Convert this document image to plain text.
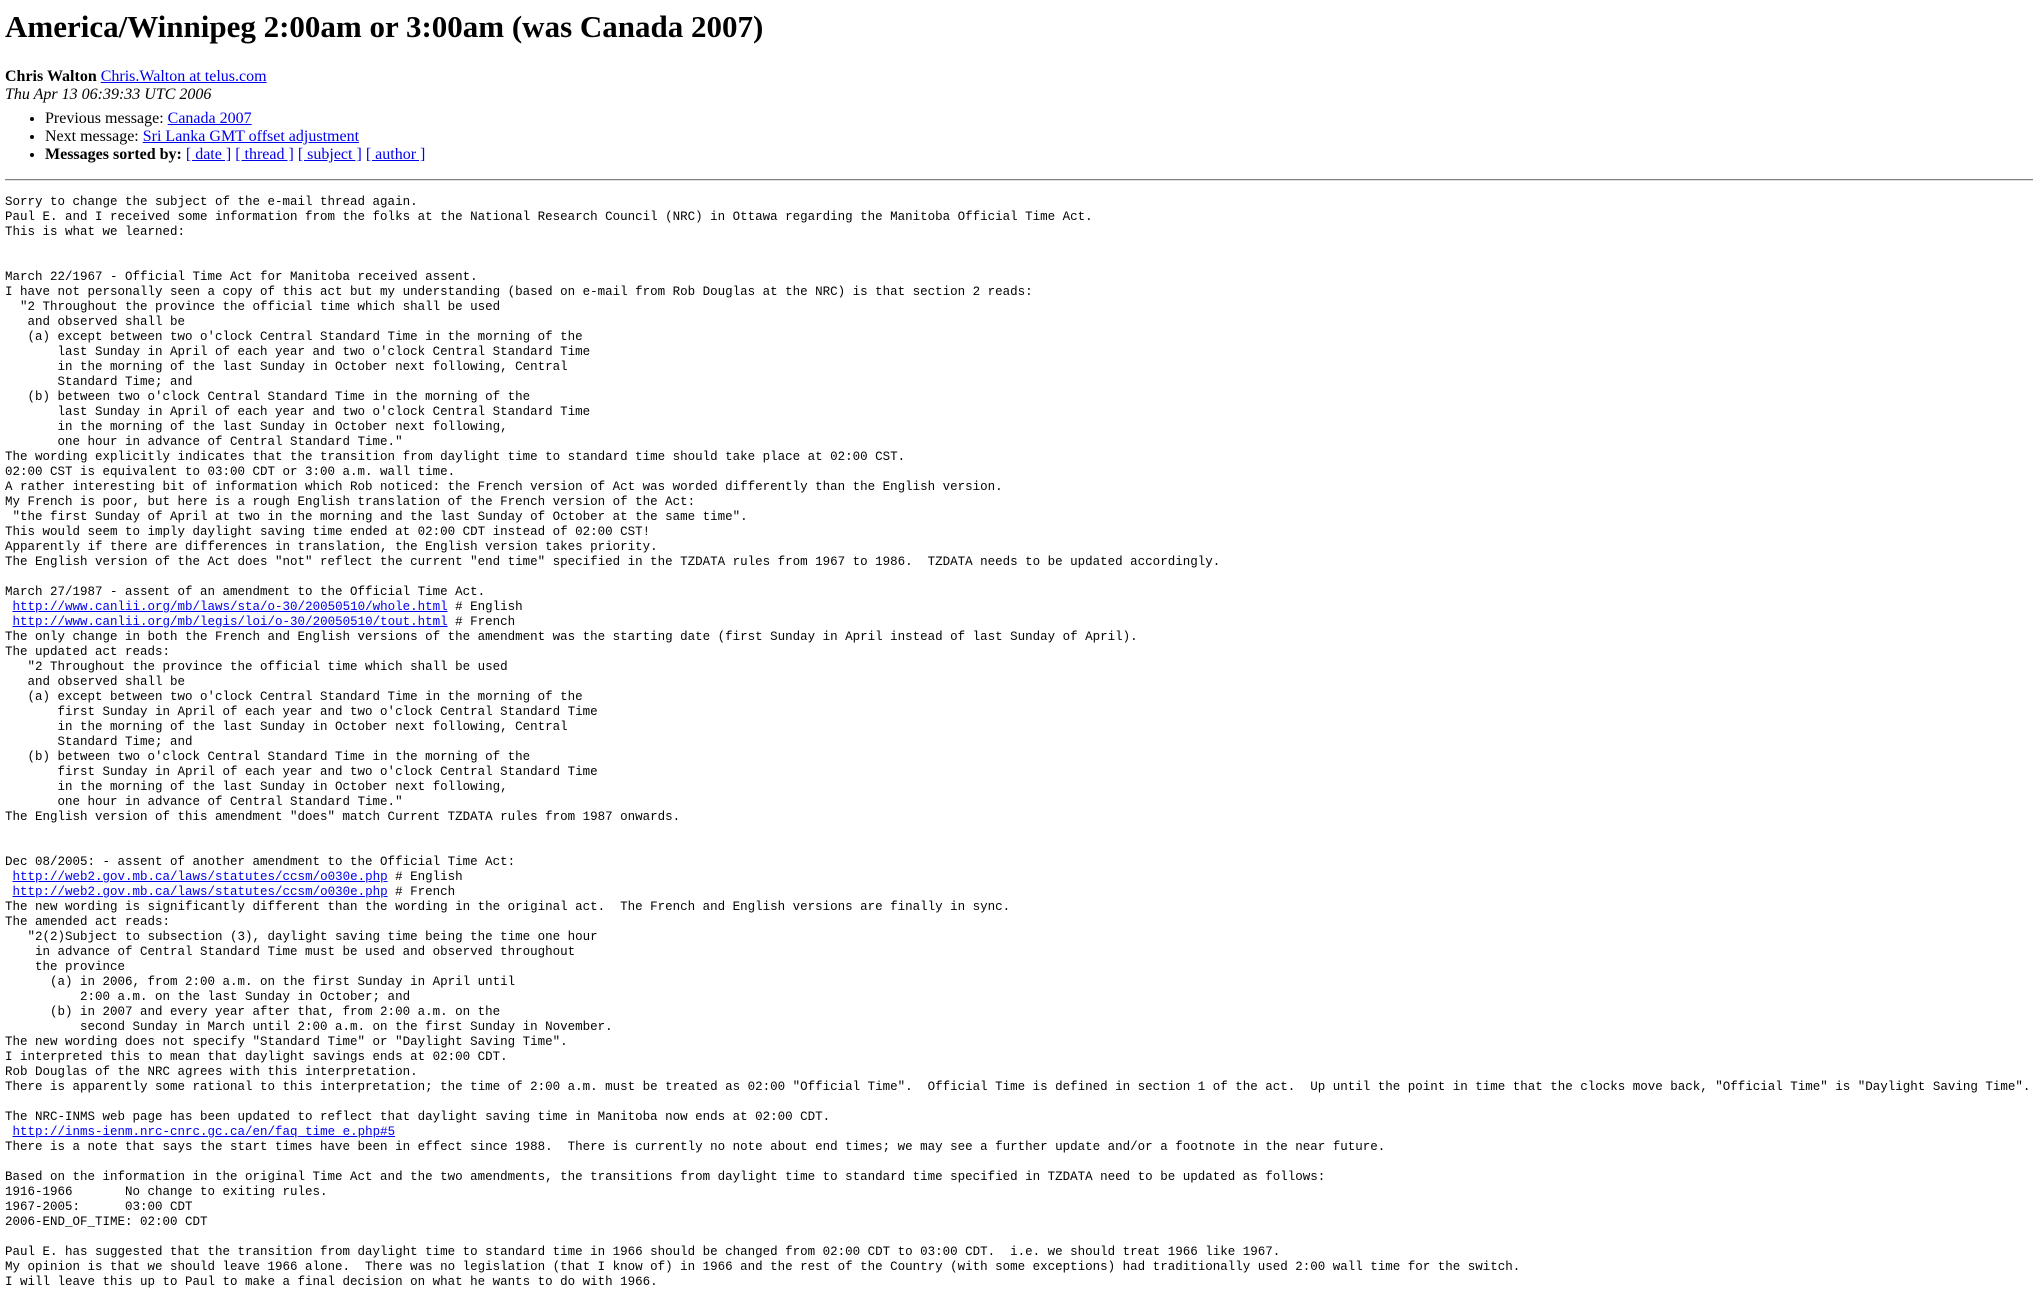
America/Winnipeg 2:00am or 3:00am (was Canada 2007)
Chris Walton Chris.Walton at telus.com
Thu Apr 13 06:39:33 UTC 2006
• Previous message: Canada 2007
• Next message: Sri Lanka GMT offset adjustment
• Messages sorted by: [ date ] [ thread ] [ subject ] [ author ]
Sorry to change the subject of the e-mail thread again.
Paul E. and I received some information from the folks at the National Research Council (NRC) in Ottawa regarding the Manitoba Official Time Act.
This is what we learned:

March 22/1967 - Official Time Act for Manitoba received assent.
I have not personally seen a copy of this act but my understanding (based on e-mail from Rob Douglas at the NRC) is that section 2 reads:
"2 Throughout the province the official time which shall be used
and observed shall be
(a) except between two o'clock Central Standard Time in the morning of the
last Sunday in April of each year and two o'clock Central Standard Time
in the morning of the last Sunday in October next following, Central
Standard Time; and
(b) between two o'clock Central Standard Time in the morning of the
last Sunday in April of each year and two o'clock Central Standard Time
in the morning of the last Sunday in October next following,
one hour in advance of Central Standard Time."
The wording explicitly indicates that the transition from daylight time to standard time should take place at 02:00 CST.
02:00 CST is equivalent to 03:00 CDT or 3:00 a.m. wall time.
A rather interesting bit of information which Rob noticed: the French version of Act was worded differently than the English version.
My French is poor, but here is a rough English translation of the French version of the Act:
"the first Sunday of April at two in the morning and the last Sunday of October at the same time".
This would seem to imply daylight saving time ended at 02:00 CDT instead of 02:00 CST!
Apparently if there are differences in translation, the English version takes priority.
The English version of the Act does "not" reflect the current "end time" specified in the TZDATA rules from 1967 to 1986.  TZDATA needs to be updated accordingly.

March 27/1987 - assent of an amendment to the Official Time Act.
http://www.canlii.org/mb/laws/sta/o-30/20050510/whole.html # English
http://www.canlii.org/mb/legis/loi/o-30/20050510/tout.html # French
The only change in both the French and English versions of the amendment was the starting date (first Sunday in April instead of last Sunday of April).
The updated act reads:
"2 Throughout the province the official time which shall be used
and observed shall be
(a) except between two o'clock Central Standard Time in the morning of the
first Sunday in April of each year and two o'clock Central Standard Time
in the morning of the last Sunday in October next following, Central
Standard Time; and
(b) between two o'clock Central Standard Time in the morning of the
first Sunday in April of each year and two o'clock Central Standard Time
in the morning of the last Sunday in October next following,
one hour in advance of Central Standard Time."
The English version of this amendment "does" match Current TZDATA rules from 1987 onwards.

Dec 08/2005: - assent of another amendment to the Official Time Act:
http://web2.gov.mb.ca/laws/statutes/ccsm/o030e.php # English
http://web2.gov.mb.ca/laws/statutes/ccsm/o030e.php # French
The new wording is significantly different than the wording in the original act.  The French and English versions are finally in sync.
The amended act reads:
"2(2)Subject to subsection (3), daylight saving time being the time one hour
in advance of Central Standard Time must be used and observed throughout
the province
(a) in 2006, from 2:00 a.m. on the first Sunday in April until
2:00 a.m. on the last Sunday in October; and
(b) in 2007 and every year after that, from 2:00 a.m. on the
second Sunday in March until 2:00 a.m. on the first Sunday in November.
The new wording does not specify "Standard Time" or "Daylight Saving Time".
I interpreted this to mean that daylight savings ends at 02:00 CDT.
Rob Douglas of the NRC agrees with this interpretation.
There is apparently some rational to this interpretation; the time of 2:00 a.m. must be treated as 02:00 "Official Time".  Official Time is defined in section 1 of the act.  Up until the point in time that the clocks move back, "Official Time" is "Daylight Saving Time".

The NRC-INMS web page has been updated to reflect that daylight saving time in Manitoba now ends at 02:00 CDT.
http://inms-ienm.nrc-cnrc.gc.ca/en/faq_time_e.php#5
There is a note that says the start times have been in effect since 1988.  There is currently no note about end times; we may see a further update and/or a footnote in the near future.

Based on the information in the original Time Act and the two amendments, the transitions from daylight time to standard time specified in TZDATA need to be updated as follows:
1916-1966       No change to exiting rules.
1967-2005:      03:00 CDT
2006-END_OF_TIME: 02:00 CDT

Paul E. has suggested that the transition from daylight time to standard time in 1966 should be changed from 02:00 CDT to 03:00 CDT.  i.e. we should treat 1966 like 1967.
My opinion is that we should leave 1966 alone.  There was no legislation (that I know of) in 1966 and the rest of the Country (with some exceptions) had traditionally used 2:00 wall time for the switch.
I will leave this up to Paul to make a final decision on what he wants to do with 1966.
